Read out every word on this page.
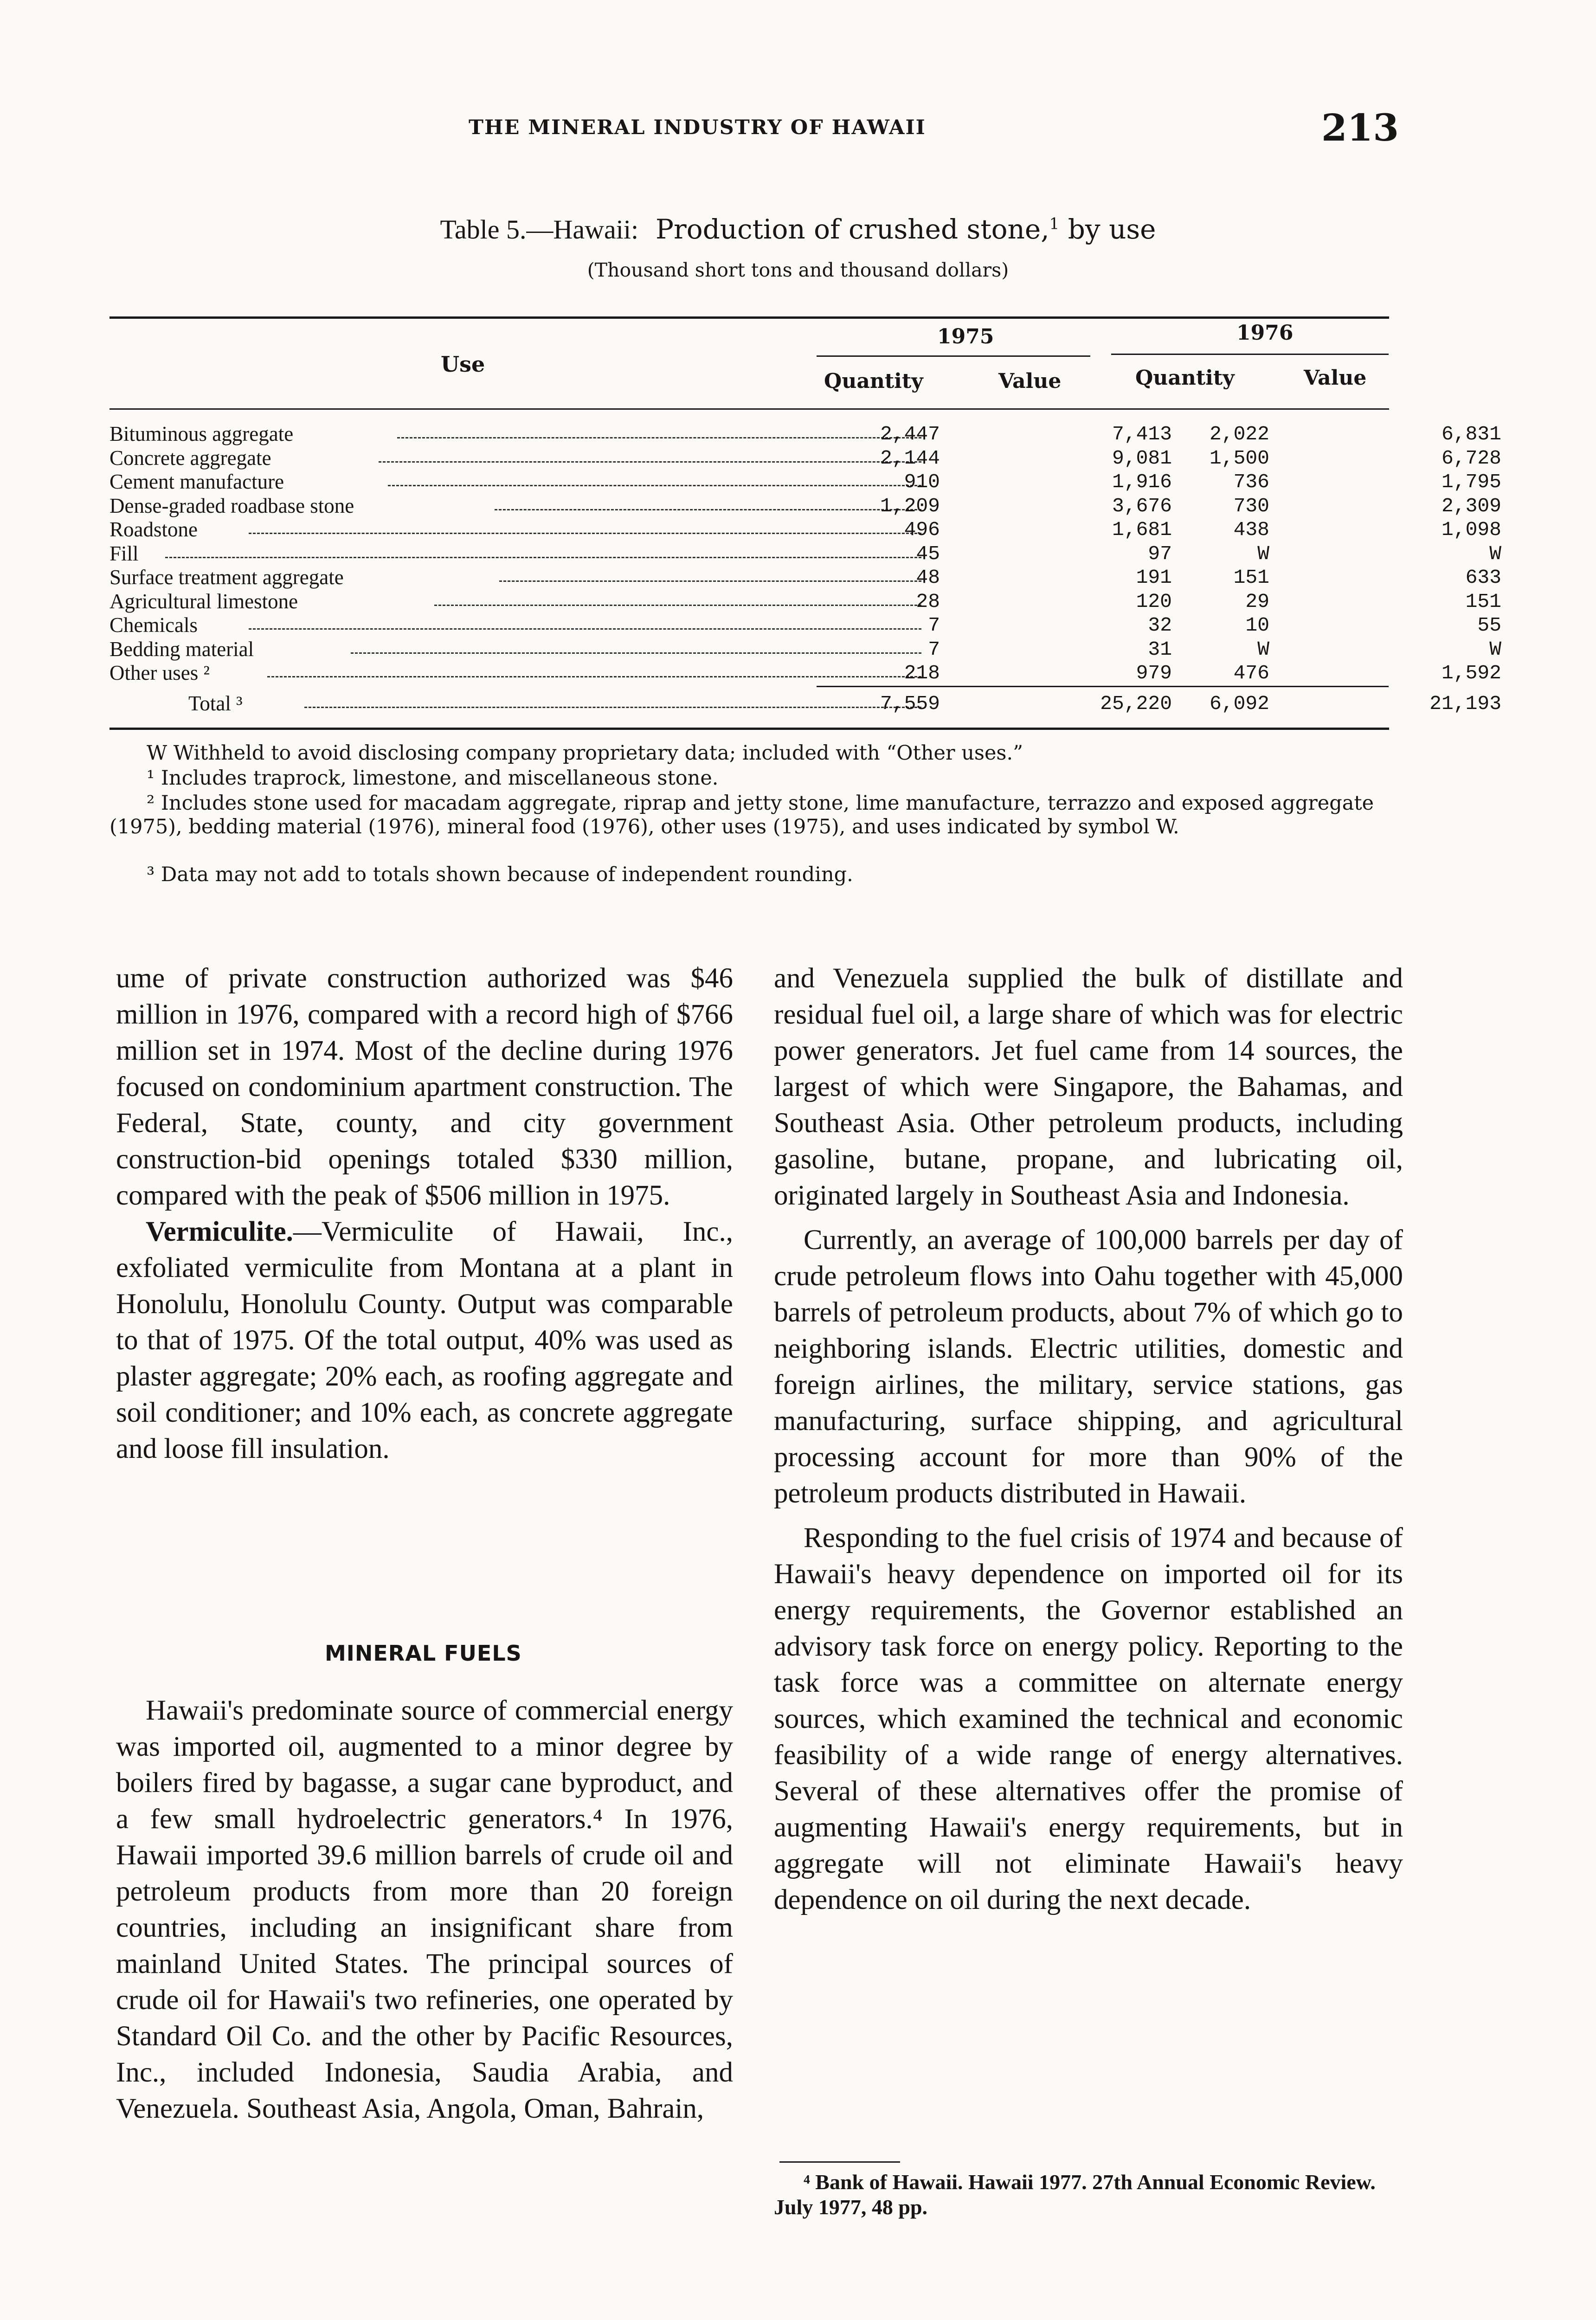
THE MINERAL INDUSTRY OF HAWAII	213
Table 5.—Hawaii: Production of crushed stone,$^1$ by use
(Thousand short tons and thousand dollars)
Use
1975	1976
Quantity	Value	Quantity	Value
Bituminous aggregate	2,447	7,413	2,022	6,831
Concrete aggregate	2,144	9,081	1,500	6,728
Cement manufacture	910	1,916	736	1,795
Dense-graded roadbase stone	1,209	3,676	730	2,309
Roadstone	496	1,681	438	1,098
Fill	45	97	W	W
Surface treatment aggregate	48	191	151	633
Agricultural limestone	28	120	29	151
Chemicals	7	32	10	55
Bedding material	7	31	W	W
Other uses ²	218	979	476	1,592
Total ³	7,559	25,220	6,092	21,193
W Withheld to avoid disclosing company proprietary data; included with “Other uses.”
¹ Includes traprock, limestone, and miscellaneous stone.
² Includes stone used for macadam aggregate, riprap and jetty stone, lime manufacture, terrazzo and exposed aggregate (1975), bedding material (1976), mineral food (1976), other uses (1975), and uses indicated by symbol W.
³ Data may not add to totals shown because of independent rounding.

ume of private construction authorized was $46 million in 1976, compared with a record high of $766 million set in 1974. Most of the decline during 1976 focused on condominium apartment construction. The Federal, State, county, and city government construction-bid openings totaled $330 million, compared with the peak of $506 million in 1975.

Vermiculite.—Vermiculite of Hawaii, Inc., exfoliated vermiculite from Montana at a plant in Honolulu, Honolulu County. Output was comparable to that of 1975. Of the total output, 40% was used as plaster aggregate; 20% each, as roofing aggregate and soil conditioner; and 10% each, as concrete aggregate and loose fill insulation.

MINERAL FUELS

Hawaii's predominate source of commercial energy was imported oil, augmented to a minor degree by boilers fired by bagasse, a sugar cane byproduct, and a few small hydroelectric generators.⁴ In 1976, Hawaii imported 39.6 million barrels of crude oil and petroleum products from more than 20 foreign countries, including an insignificant share from mainland United States. The principal sources of crude oil for Hawaii's two refineries, one operated by Standard Oil Co. and the other by Pacific Resources, Inc., included Indonesia, Saudia Arabia, and Venezuela. Southeast Asia, Angola, Oman, Bahrain,

and Venezuela supplied the bulk of distillate and residual fuel oil, a large share of which was for electric power generators. Jet fuel came from 14 sources, the largest of which were Singapore, the Bahamas, and Southeast Asia. Other petroleum products, including gasoline, butane, propane, and lubricating oil, originated largely in Southeast Asia and Indonesia.

Currently, an average of 100,000 barrels per day of crude petroleum flows into Oahu together with 45,000 barrels of petroleum products, about 7% of which go to neighboring islands. Electric utilities, domestic and foreign airlines, the military, service stations, gas manufacturing, surface shipping, and agricultural processing account for more than 90% of the petroleum products distributed in Hawaii.

Responding to the fuel crisis of 1974 and because of Hawaii's heavy dependence on imported oil for its energy requirements, the Governor established an advisory task force on energy policy. Reporting to the task force was a committee on alternate energy sources, which examined the technical and economic feasibility of a wide range of energy alternatives. Several of these alternatives offer the promise of augmenting Hawaii's energy requirements, but in aggregate will not eliminate Hawaii's heavy dependence on oil during the next decade.

⁴ Bank of Hawaii. Hawaii 1977. 27th Annual Economic Review. July 1977, 48 pp.
